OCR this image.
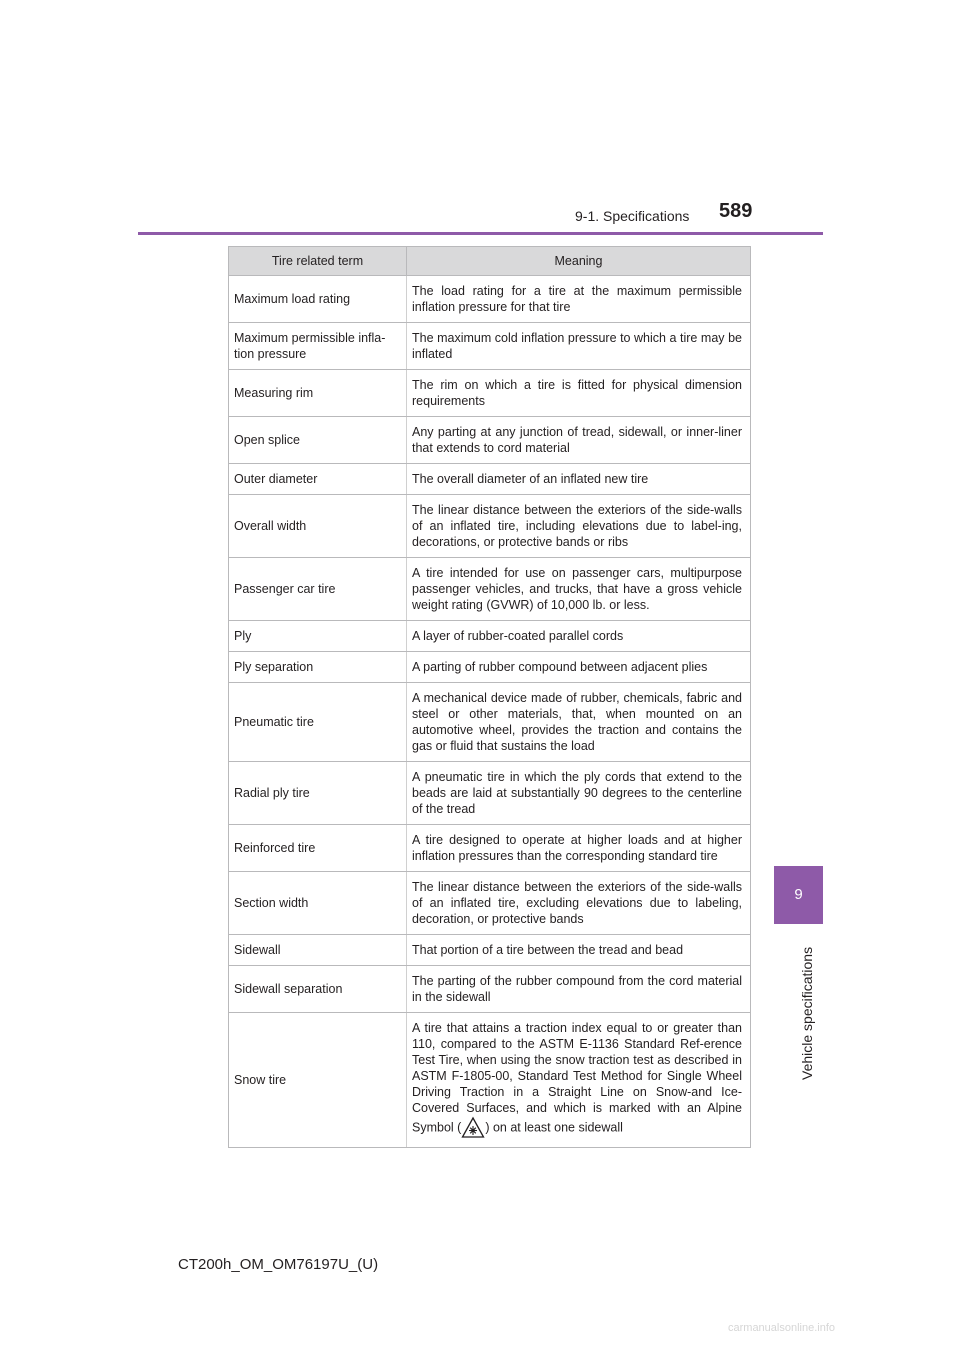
9-1. Specifications 589
9
Vehicle specifications
Tire related term	Meaning
Maximum load rating	The load rating for a tire at the maximum permissible inflation pressure for that tire
Maximum permissible infla-tion pressure	The maximum cold inflation pressure to which a tire may be inflated
Measuring rim	The rim on which a tire is fitted for physical dimension requirements
Open splice	Any parting at any junction of tread, sidewall, or inner-liner that extends to cord material
Outer diameter	The overall diameter of an inflated new tire
Overall width	The linear distance between the exteriors of the side-walls of an inflated tire, including elevations due to label-ing, decorations, or protective bands or ribs
Passenger car tire	A tire intended for use on passenger cars, multipurpose passenger vehicles, and trucks, that have a gross vehicle weight rating (GVWR) of 10,000 lb. or less.
Ply	A layer of rubber-coated parallel cords
Ply separation	A parting of rubber compound between adjacent plies
Pneumatic tire	A mechanical device made of rubber, chemicals, fabric and steel or other materials, that, when mounted on an automotive wheel, provides the traction and contains the gas or fluid that sustains the load
Radial ply tire	A pneumatic tire in which the ply cords that extend to the beads are laid at substantially 90 degrees to the centerline of the tread
Reinforced tire	A tire designed to operate at higher loads and at higher inflation pressures than the corresponding standard tire
Section width	The linear distance between the exteriors of the side-walls of an inflated tire, excluding elevations due to labeling, decoration, or protective bands
Sidewall	That portion of a tire between the tread and bead
Sidewall separation	The parting of the rubber compound from the cord material in the sidewall
Snow tire	A tire that attains a traction index equal to or greater than 110, compared to the ASTM E-1136 Standard Ref-erence Test Tire, when using the snow traction test as described in ASTM F-1805-00, Standard Test Method for Single Wheel Driving Traction in a Straight Line on Snow-and Ice-Covered Surfaces, and which is marked with an Alpine Symbol ( ) on at least one sidewall
CT200h_OM_OM76197U_(U)
carmanualsonline.info
